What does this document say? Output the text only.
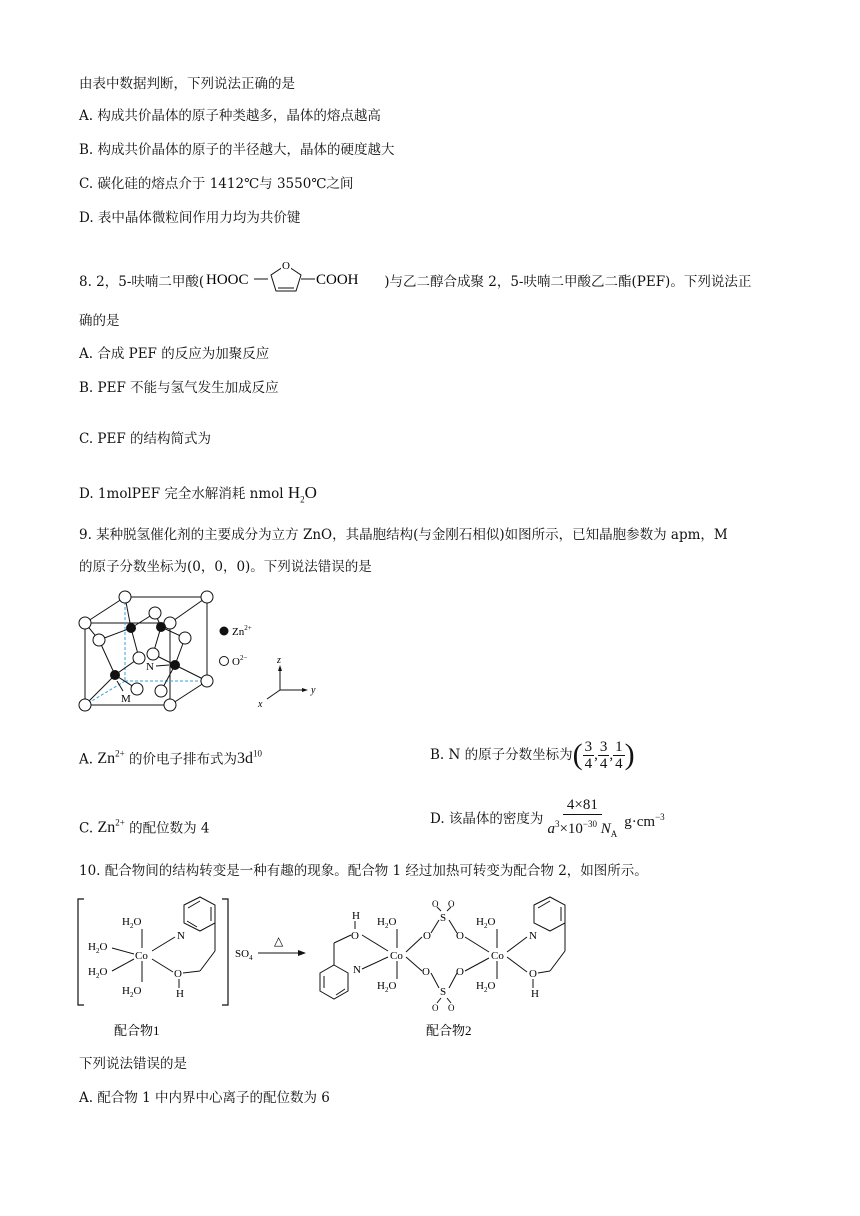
由表中数据判断，下列说法正确的是
A. 构成共价晶体的原子种类越多，晶体的熔点越高
B. 构成共价晶体的原子的半径越大，晶体的硬度越大
C. 碳化硅的熔点介于 1412℃与 3550℃之间
D. 表中晶体微粒间作用力均为共价键
8. 2，5-呋喃二甲酸( HOOC
O
COOH )与乙二醇合成聚 2，5-呋喃二甲酸乙二酯(PEF)。下列说法正
确的是
A. 合成 PEF 的反应为加聚反应
B. PEF 不能与氢气发生加成反应
C. PEF 的结构简式为
D. 1molPEF 完全水解消耗 nmol $H_2O$
9. 某种脱氢催化剂的主要成分为立方 ZnO，其晶胞结构(与金刚石相似)如图所示，已知晶胞参数为 apm，M
的原子分数坐标为(0，0，0)。下列说法错误的是
N
M
$Zn^{2+}$
$O^{2-}$	z
y
x
A. $Zn^{2+}$ 的价电子排布式为$3d^{10}$	B. N 的原子分数坐标为 ( $\frac{3}{4}$ , $\frac{3}{4}$ , $\frac{1}{4}$ )
C. $Zn^{2+}$ 的配位数为 4
D. 该晶体的密度为 $\frac{4\times 81}{a^3\times 10^{-30} N_A} g\cdot cm^{-3}$
10. 配合物间的结构转变是一种有趣的现象。配合物 1 经过加热可转变为配合物 2，如图所示。
$H_2O$
$H_2O$
$H_2O$
$H_2O$
Co
N
O
H
$SO_4$
△
H
O
$H_2O$
Co
$H_2O$
N
O
O
S
S
O O
O O
O
O
$H_2O$
Co
$H_2O$
N
O
H
配合物1	配合物2
下列说法错误的是
A. 配合物 1 中内界中心离子的配位数为 6
